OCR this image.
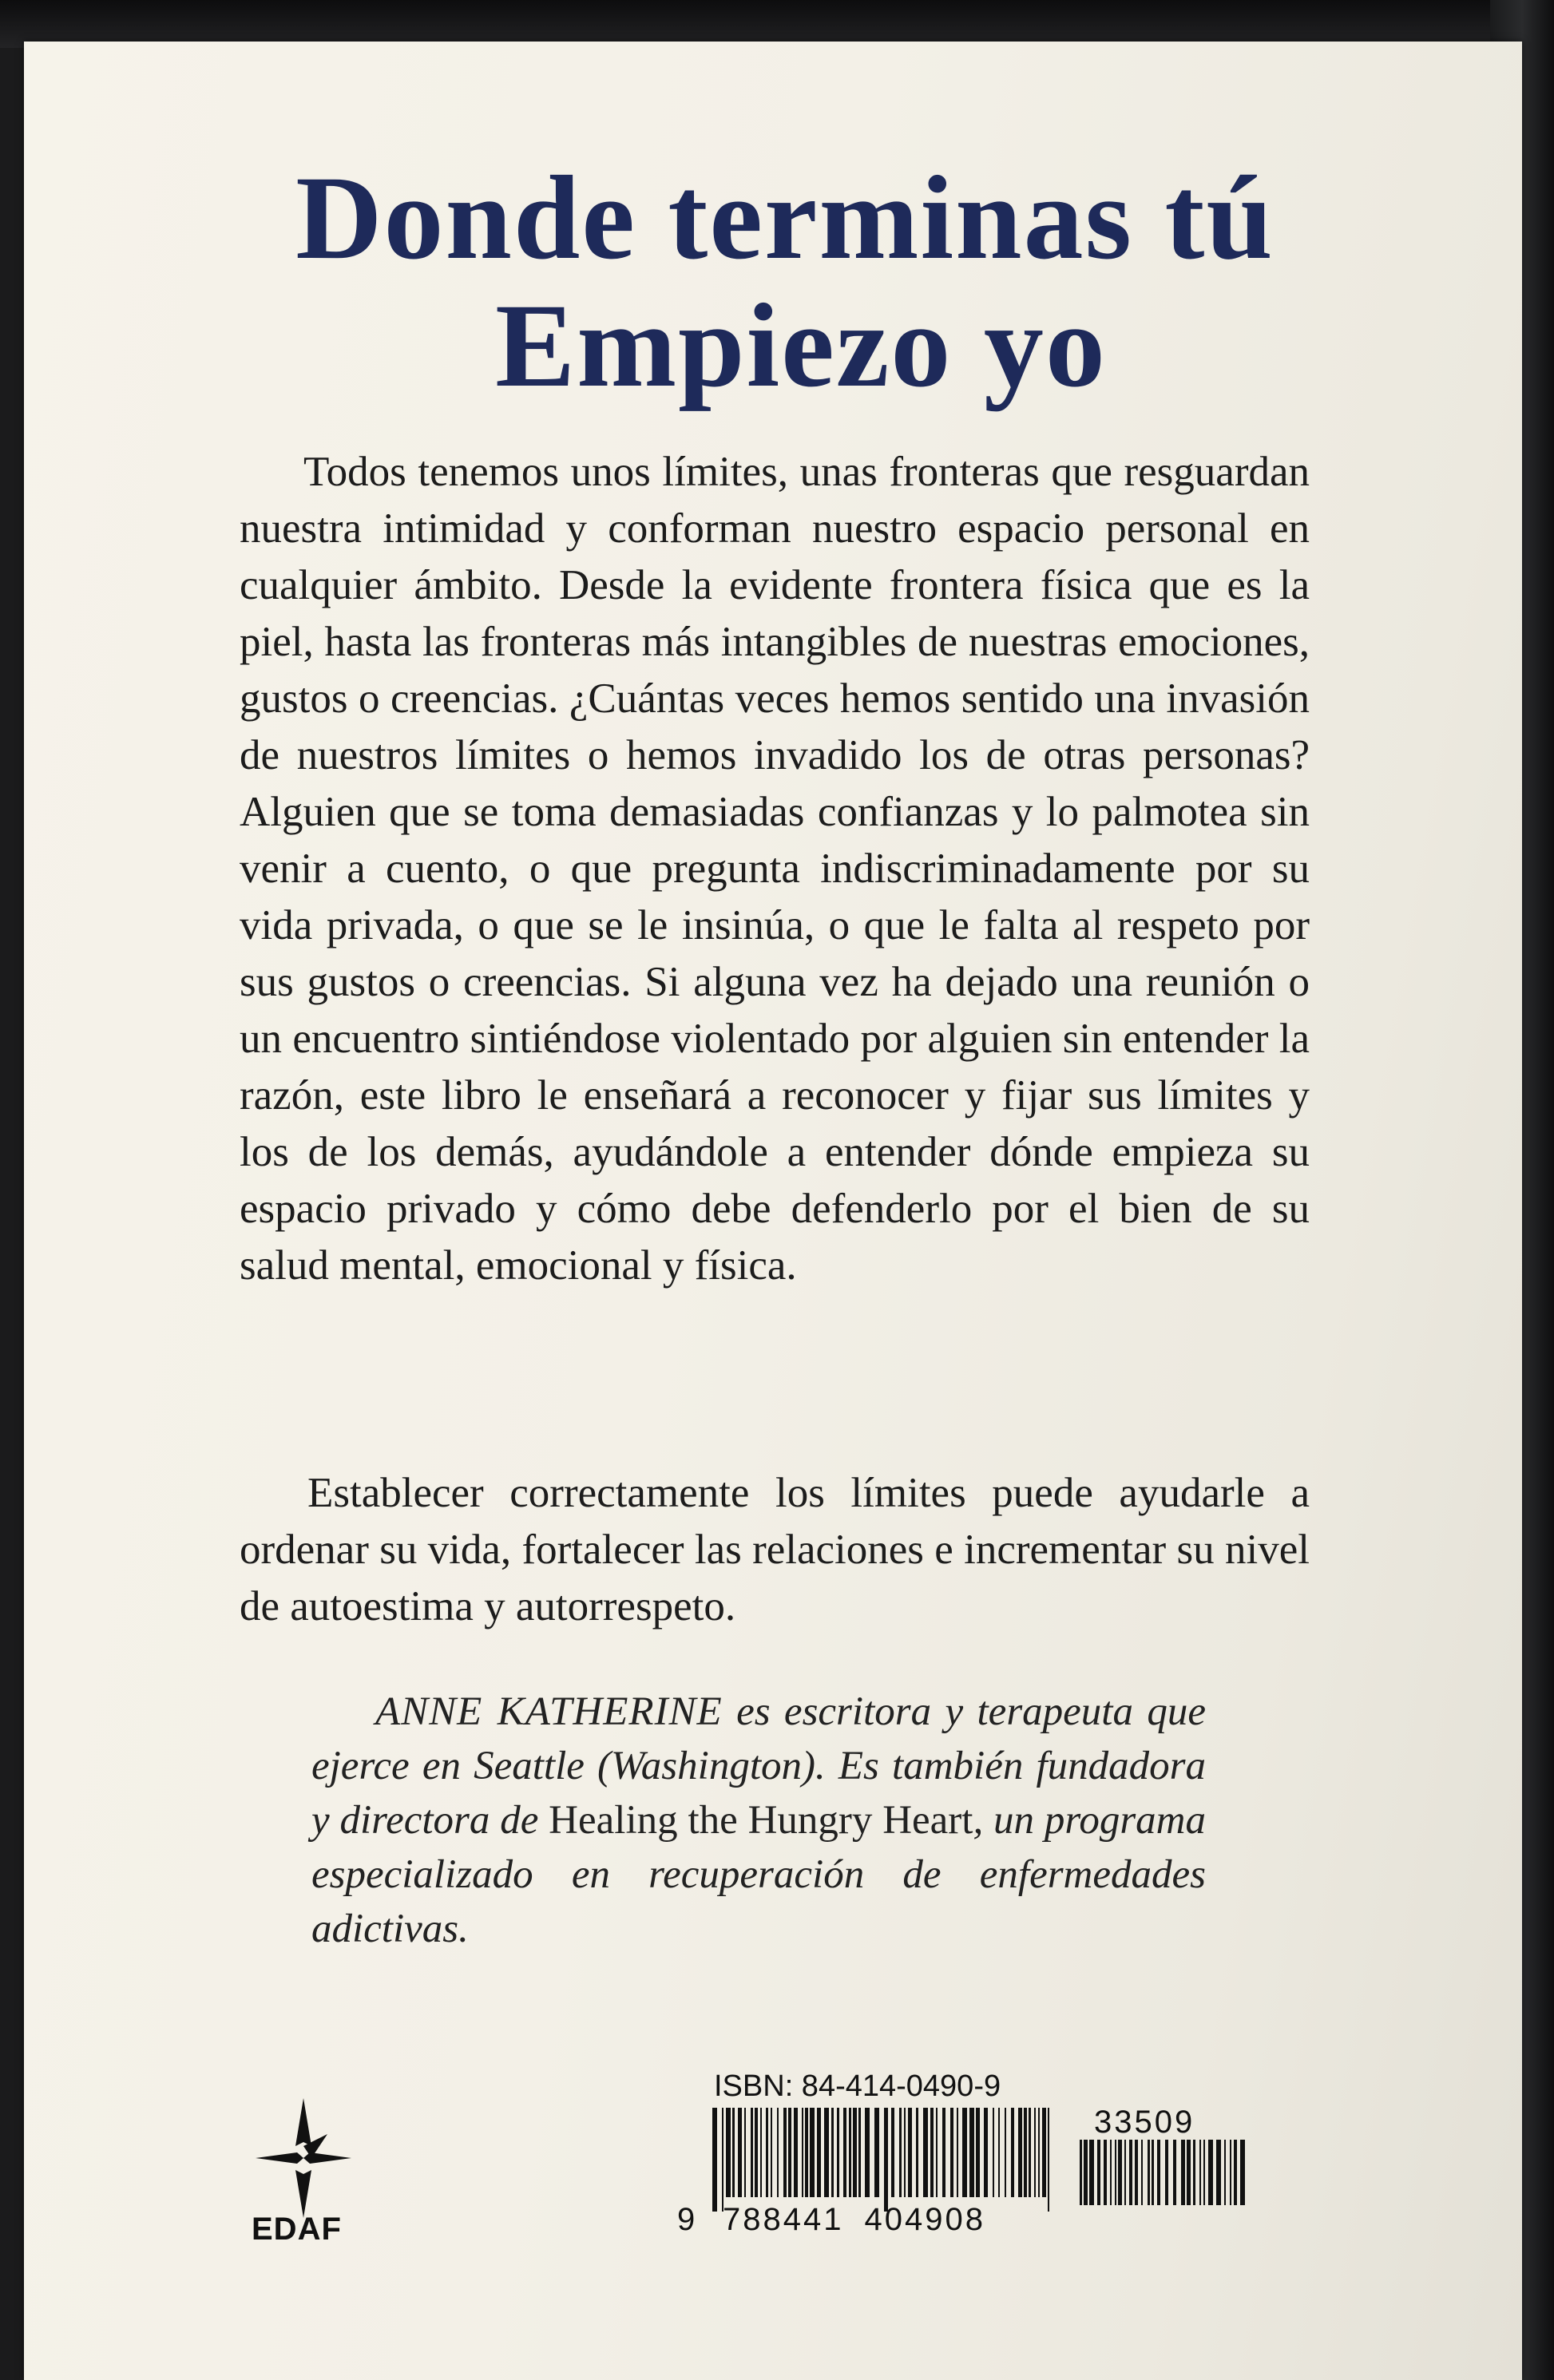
Donde terminas tú
Empiezo yo

Todos tenemos unos límites, unas fronteras que resguardan nuestra intimidad y conforman nuestro espacio personal en cualquier ámbito. Desde la evidente frontera física que es la piel, hasta las fronteras más intangibles de nuestras emociones, gustos o creencias. ¿Cuántas veces hemos sentido una invasión de nuestros límites o hemos invadido los de otras personas? Alguien que se toma demasiadas confianzas y lo palmotea sin venir a cuento, o que pregunta indiscriminadamente por su vida privada, o que se le insinúa, o que le falta al respeto por sus gustos o creencias. Si alguna vez ha dejado una reunión o un encuentro sintiéndose violentado por alguien sin entender la razón, este libro le enseñará a reconocer y fijar sus límites y los de los demás, ayudándole a entender dónde empieza su espacio privado y cómo debe defenderlo por el bien de su salud mental, emocional y física.

Establecer correctamente los límites puede ayudarle a ordenar su vida, fortalecer las relaciones e incrementar su nivel de autoestima y autorrespeto.

ANNE KATHERINE es escritora y terapeuta que ejerce en Seattle (Washington). Es también fundadora y directora de Healing the Hungry Heart, un programa especializado en recuperación de enfermedades adictivas.

EDAF
ISBN: 84-414-0490-9
33509
9 788441 404908
